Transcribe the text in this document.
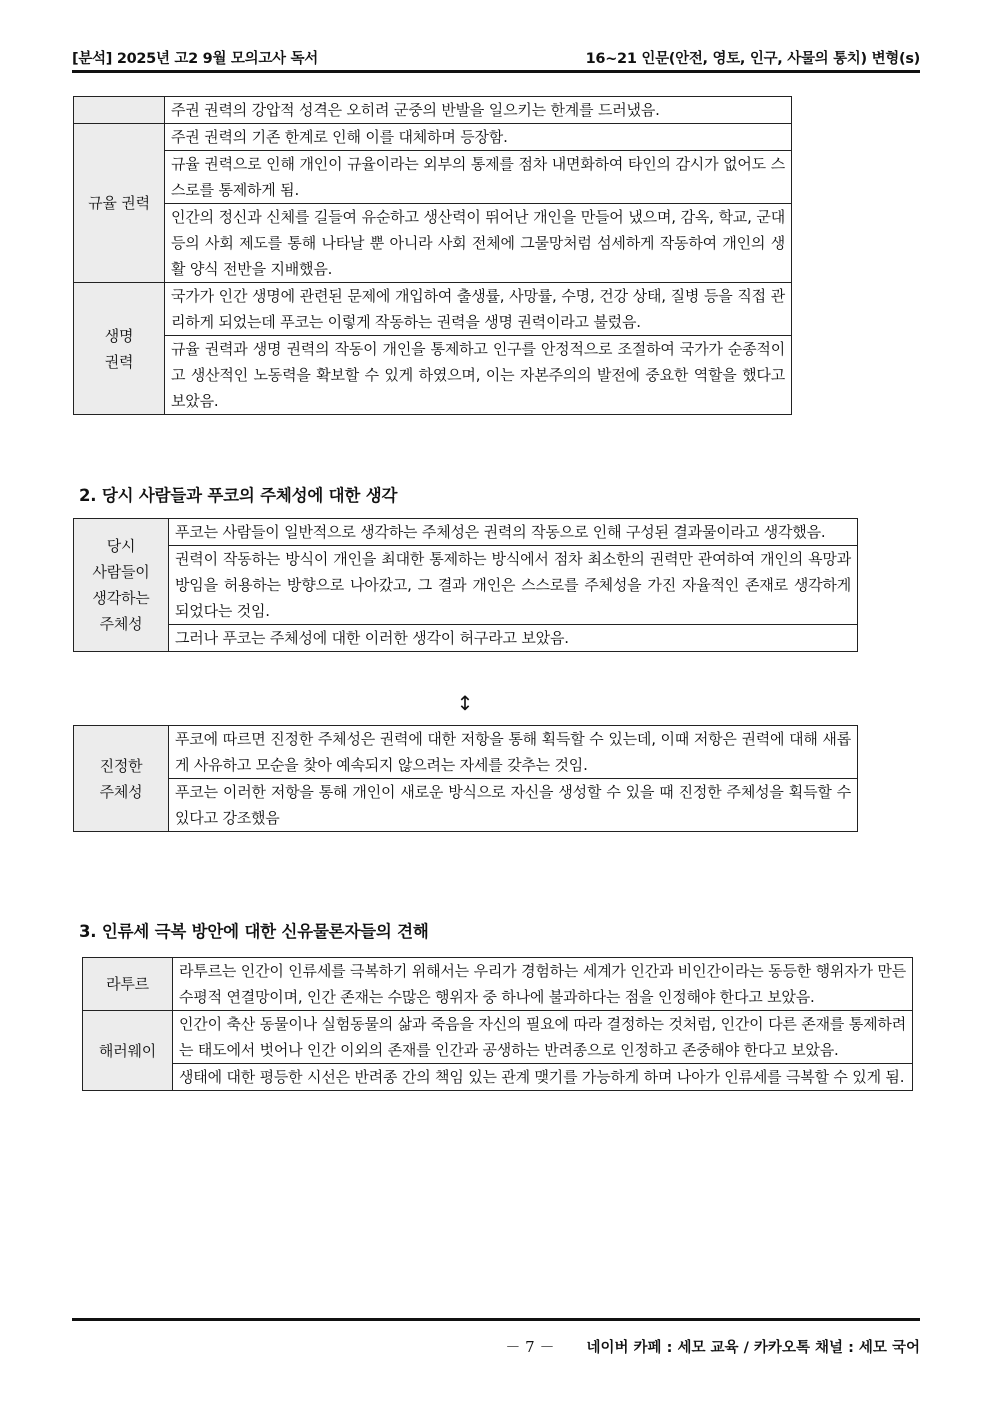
[분석] 2025년 고2 9월 모의고사 독서	16~21 인문(안전, 영토, 인구, 사물의 통치) 변형(s)
	주권 권력의 강압적 성격은 오히려 군중의 반발을 일으키는 한계를 드러냈음.
규율 권력	주권 권력의 기존 한계로 인해 이를 대체하며 등장함.
	규율 권력으로 인해 개인이 규율이라는 외부의 통제를 점차 내면화하여 타인의 감시가 없어도 스스로를 통제하게 됨.
	인간의 정신과 신체를 길들여 유순하고 생산력이 뛰어난 개인을 만들어 냈으며, 감옥, 학교, 군대 등의 사회 제도를 통해 나타날 뿐 아니라 사회 전체에 그물망처럼 섬세하게 작동하여 개인의 생활 양식 전반을 지배했음.

생명
권력	국가가 인간 생명에 관련된 문제에 개입하여 출생률, 사망률, 수명, 건강 상태, 질병 등을 직접 관리하게 되었는데 푸코는 이렇게 작동하는 권력을 생명 권력이라고 불렀음.
	규율 권력과 생명 권력의 작동이 개인을 통제하고 인구를 안정적으로 조절하여 국가가 순종적이고 생산적인 노동력을 확보할 수 있게 하였으며, 이는 자본주의의 발전에 중요한 역할을 했다고 보았음.
2. 당시 사람들과 푸코의 주체성에 대한 생각
당시
사람들이
생각하는
주체성
	푸코는 사람들이 일반적으로 생각하는 주체성은 권력의 작동으로 인해 구성된 결과물이라고 생각했음.
권력이 작동하는 방식이 개인을 최대한 통제하는 방식에서 점차 최소한의 권력만 관여하여 개인의 욕망과 방임을 허용하는 방향으로 나아갔고, 그 결과 개인은 스스로를 주체성을 가진 자율적인 존재로 생각하게 되었다는 것임.
그러나 푸코는 주체성에 대한 이러한 생각이 허구라고 보았음.
↕
진정한
주체성
	푸코에 따르면 진정한 주체성은 권력에 대한 저항을 통해 획득할 수 있는데, 이때 저항은 권력에 대해 새롭게 사유하고 모순을 찾아 예속되지 않으려는 자세를 갖추는 것임.
푸코는 이러한 저항을 통해 개인이 새로운 방식으로 자신을 생성할 수 있을 때 진정한 주체성을 획득할 수 있다고 강조했음
3. 인류세 극복 방안에 대한 신유물론자들의 견해
라투르	라투르는 인간이 인류세를 극복하기 위해서는 우리가 경험하는 세계가 인간과 비인간이라는 동등한 행위자가 만든 수평적 연결망이며, 인간 존재는 수많은 행위자 중 하나에 불과하다는 점을 인정해야 한다고 보았음.
해러웨이	인간이 축산 동물이나 실험동물의 삶과 죽음을 자신의 필요에 따라 결정하는 것처럼, 인간이 다른 존재를 통제하려는 태도에서 벗어나 인간 이외의 존재를 인간과 공생하는 반려종으로 인정하고 존중해야 한다고 보았음.
	생태에 대한 평등한 시선은 반려종 간의 책임 있는 관계 맺기를 가능하게 하며 나아가 인류세를 극복할 수 있게 됨.
－ 7 － 네이버 카페 : 세모 교육 / 카카오톡 채널 : 세모 국어
